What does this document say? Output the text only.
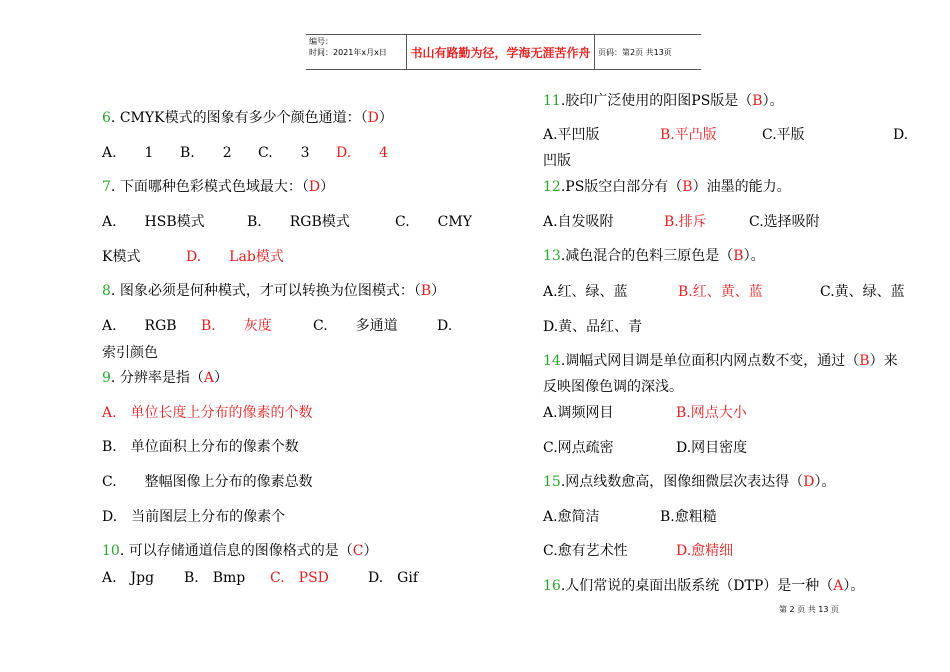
编号：
时间：2021年x月x日	书山有路勤为径，学海无涯苦作舟 页码：第2页 共13页
6. CMYK模式的图象有多少个颜色通道：（D）
A.　　1 B.　　2 C.　　3 D.　　4
7. 下面哪种色彩模式色域最大：（D）
A.　　HSB模式	B.　　RGB模式	C.　　CMY
K模式	D.　　Lab模式
8. 图象必须是何种模式，才可以转换为位图模式：（B）
A.　　RGB B.　　灰度	C.　　多通道	D.
索引颜色
9. 分辨率是指（A）
A.　单位长度上分布的像素的个数
B.　单位面积上分布的像素个数
C.　　整幅图像上分布的像素总数
D.　当前图层上分布的像素个
10. 可以存储通道信息的图像格式的是（C）
A.　Jpg B.　Bmp C.　PSD	D.　Gif
11.胶印广泛使用的阳图PS版是（B）。
A.平凹版	B.平凸版	C.平版	D.
凹版
12.PS版空白部分有（B）油墨的能力。
A.自发吸附	B.排斥	C.选择吸附
13.减色混合的色料三原色是（B）。
A.红、绿、蓝	B.红、黄、蓝	C.黄、绿、蓝
D.黄、品红、青
14.调幅式网目调是单位面积内网点数不变，通过（B）来
反映图像色调的深浅。
A.调频网目	B.网点大小
C.网点疏密	D.网目密度
15.网点线数愈高，图像细微层次表达得（D）。
A.愈简洁	B.愈粗糙
C.愈有艺术性	D.愈精细
16.人们常说的桌面出版系统（DTP）是一种（A）。
第 2 页 共 13 页
